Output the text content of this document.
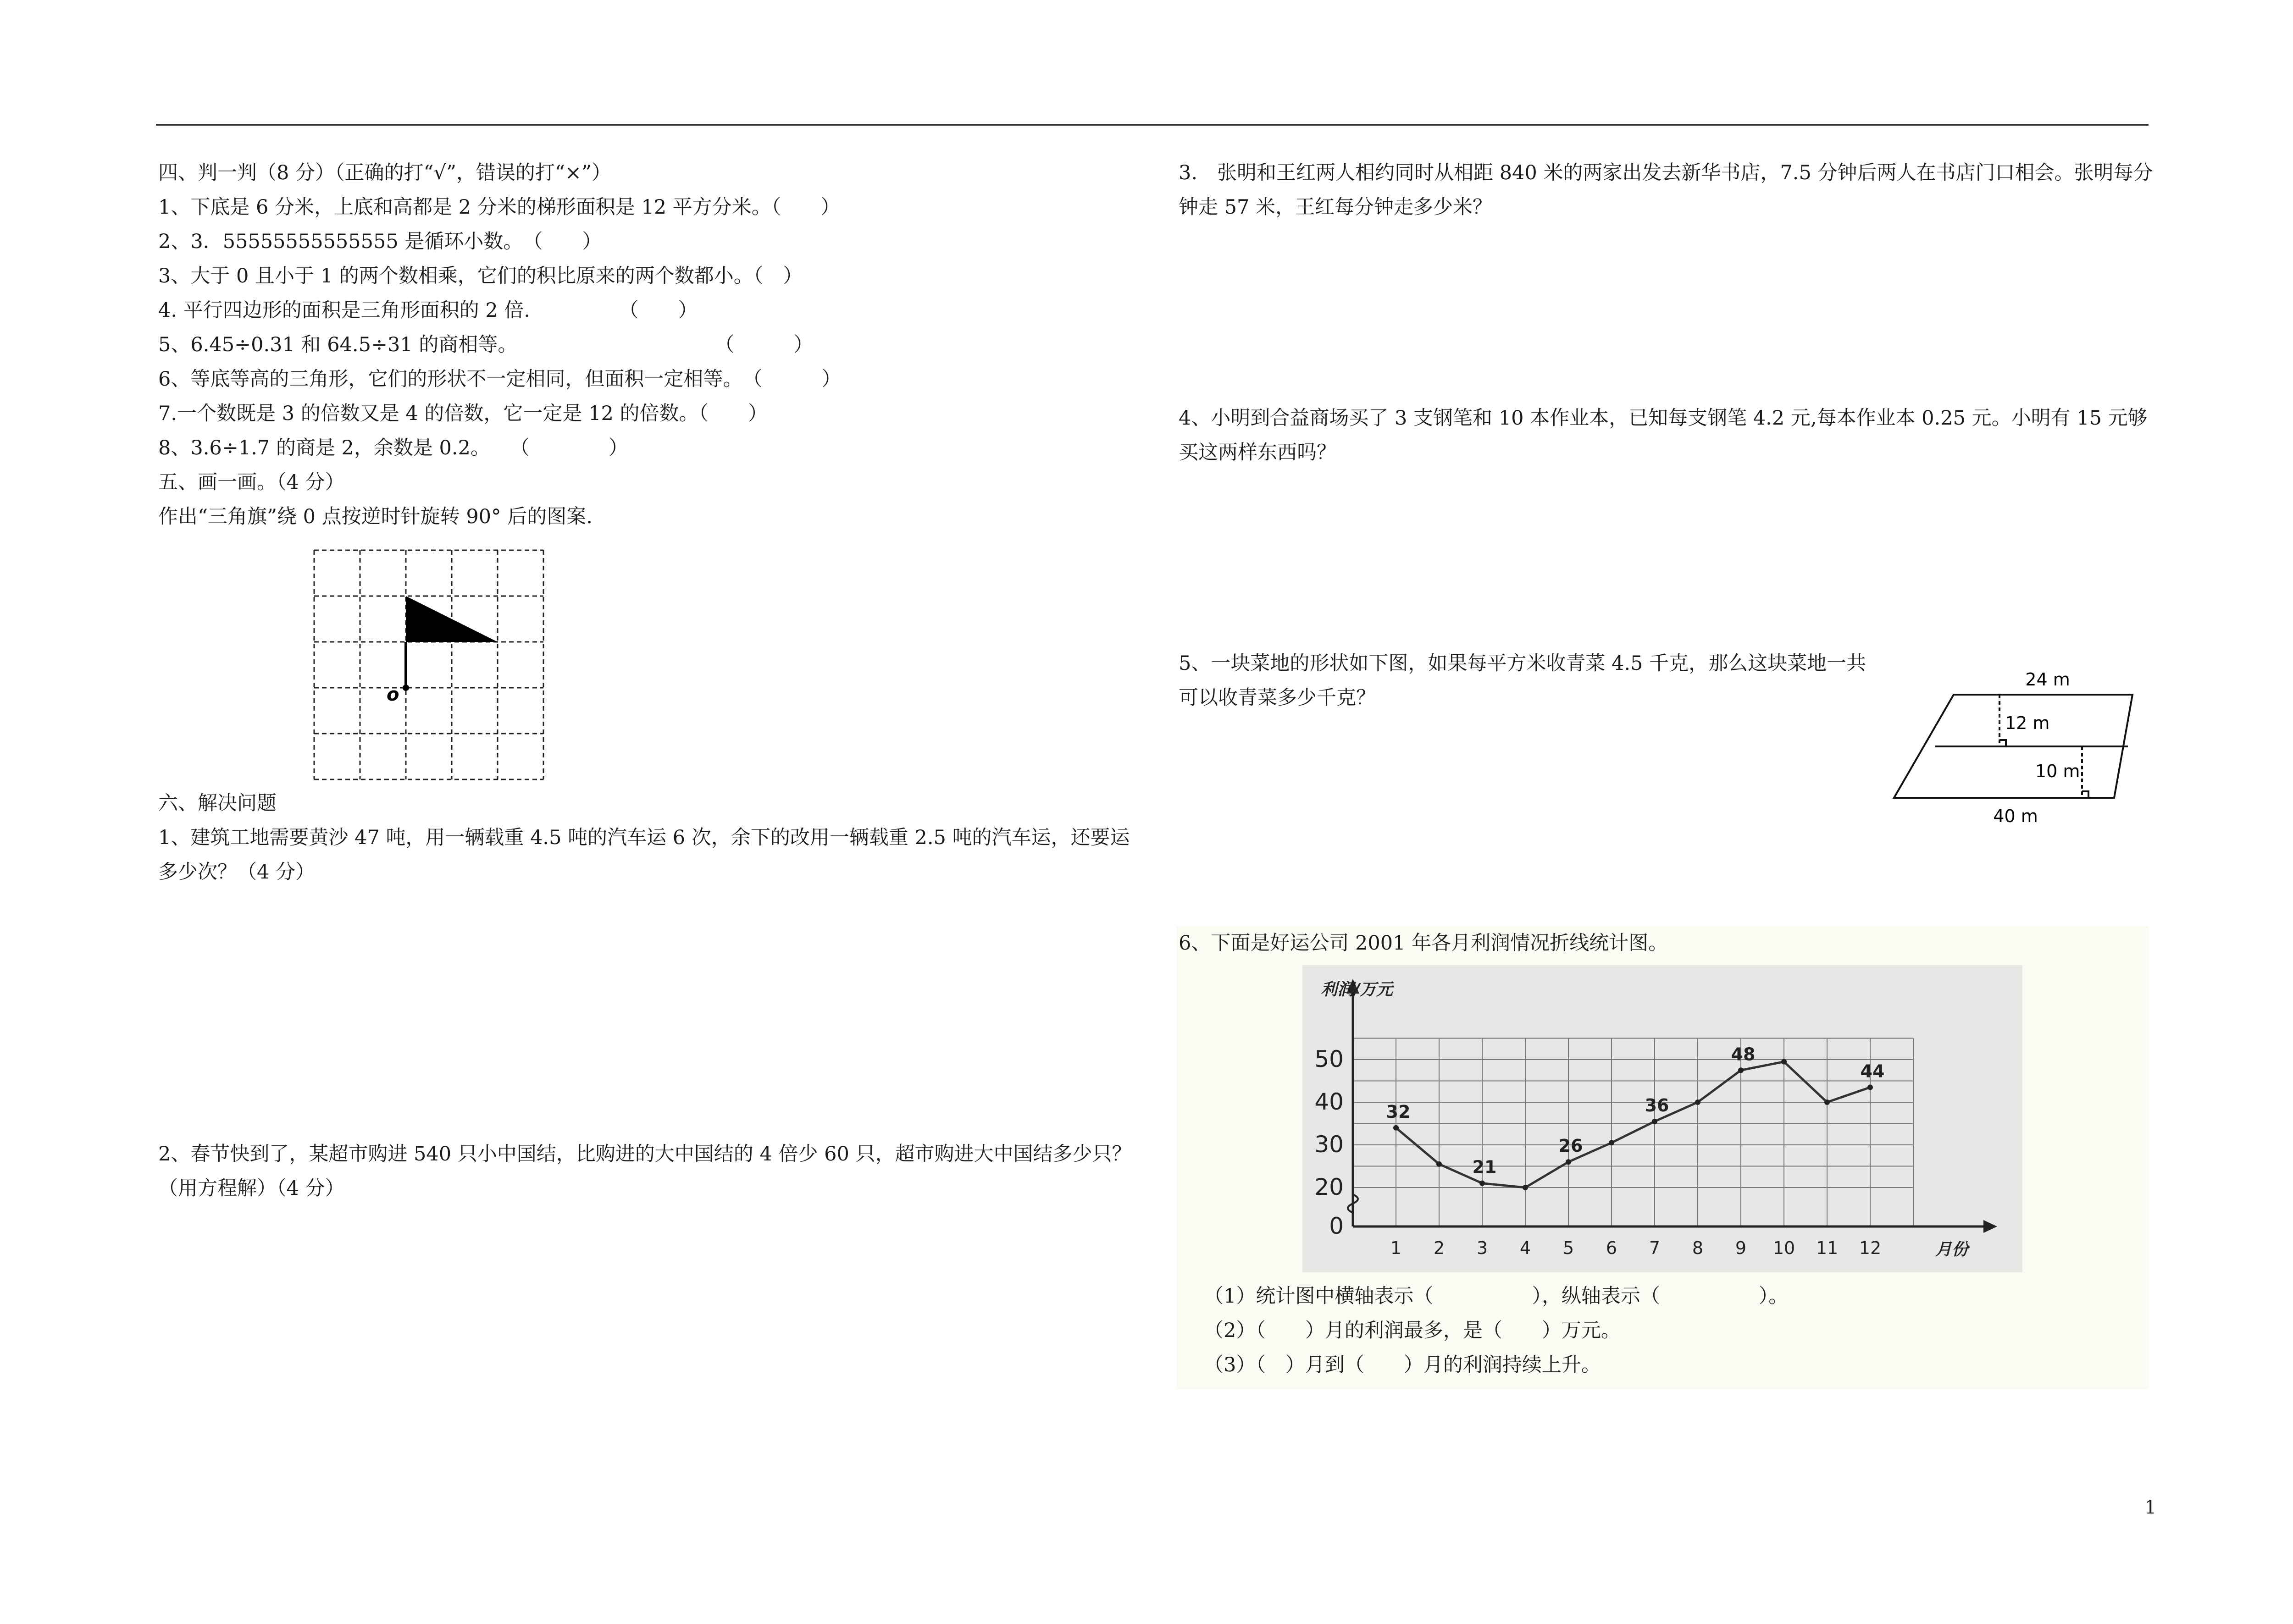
四、判一判（8 分）（正确的打“√”，错误的打“×”）
1、下底是 6 分米，上底和高都是 2 分米的梯形面积是 12 平方分米。（　　）
2、3．55555555555555 是循环小数。　（　　）
3、大于 0 且小于 1 的两个数相乘，它们的积比原来的两个数都小。（　）
4. 平行四边形的面积是三角形面积的 2 倍.　　　　　（　　）
5、6.45÷0.31 和 64.5÷31 的商相等。　　　　　　　　　　　（　　　）
6、等底等高的三角形，它们的形状不一定相同，但面积一定相等。　（　　　）
7.一个数既是 3 的倍数又是 4 的倍数，它一定是 12 的倍数。（　　）
8、3.6÷1.7 的商是 2，余数是 0.2。　　（　　　　）
五、画一画。（4 分）
作出“三角旗”绕 0 点按逆时针旋转 90° 后的图案.
o
六、解决问题
1、建筑工地需要黄沙 47 吨，用一辆载重 4.5 吨的汽车运 6 次，余下的改用一辆载重 2.5 吨的汽车运，还要运多少次？（4 分）
2、春节快到了，某超市购进 540 只小中国结，比购进的大中国结的 4 倍少 60 只，超市购进大中国结多少只？（用方程解）（4 分）
3.　张明和王红两人相约同时从相距 840 米的两家出发去新华书店，7.5 分钟后两人在书店门口相会。张明每分钟走 57 米，王红每分钟走多少米？
4、小明到合益商场买了 3 支钢笔和 10 本作业本，已知每支钢笔 4.2 元,每本作业本 0.25 元。小明有 15 元够买这两样东西吗？
5、一块菜地的形状如下图，如果每平方米收青菜 4.5 千克，那么这块菜地一共可以收青菜多少千克？
24 m
12 m
10 m
40 m
6、下面是好运公司 2001 年各月利润情况折线统计图。
0
20
30
40
50
1 2 3 4 5 6 7 8 9 10 11 12
利润/万元
月份
32
21
26
36
48
44
（1）统计图中横轴表示（　　　　　），纵轴表示（　　　　　）。
（2）（　　）月的利润最多，是（　　）万元。
（3）（　）月到（　　）月的利润持续上升。
1
